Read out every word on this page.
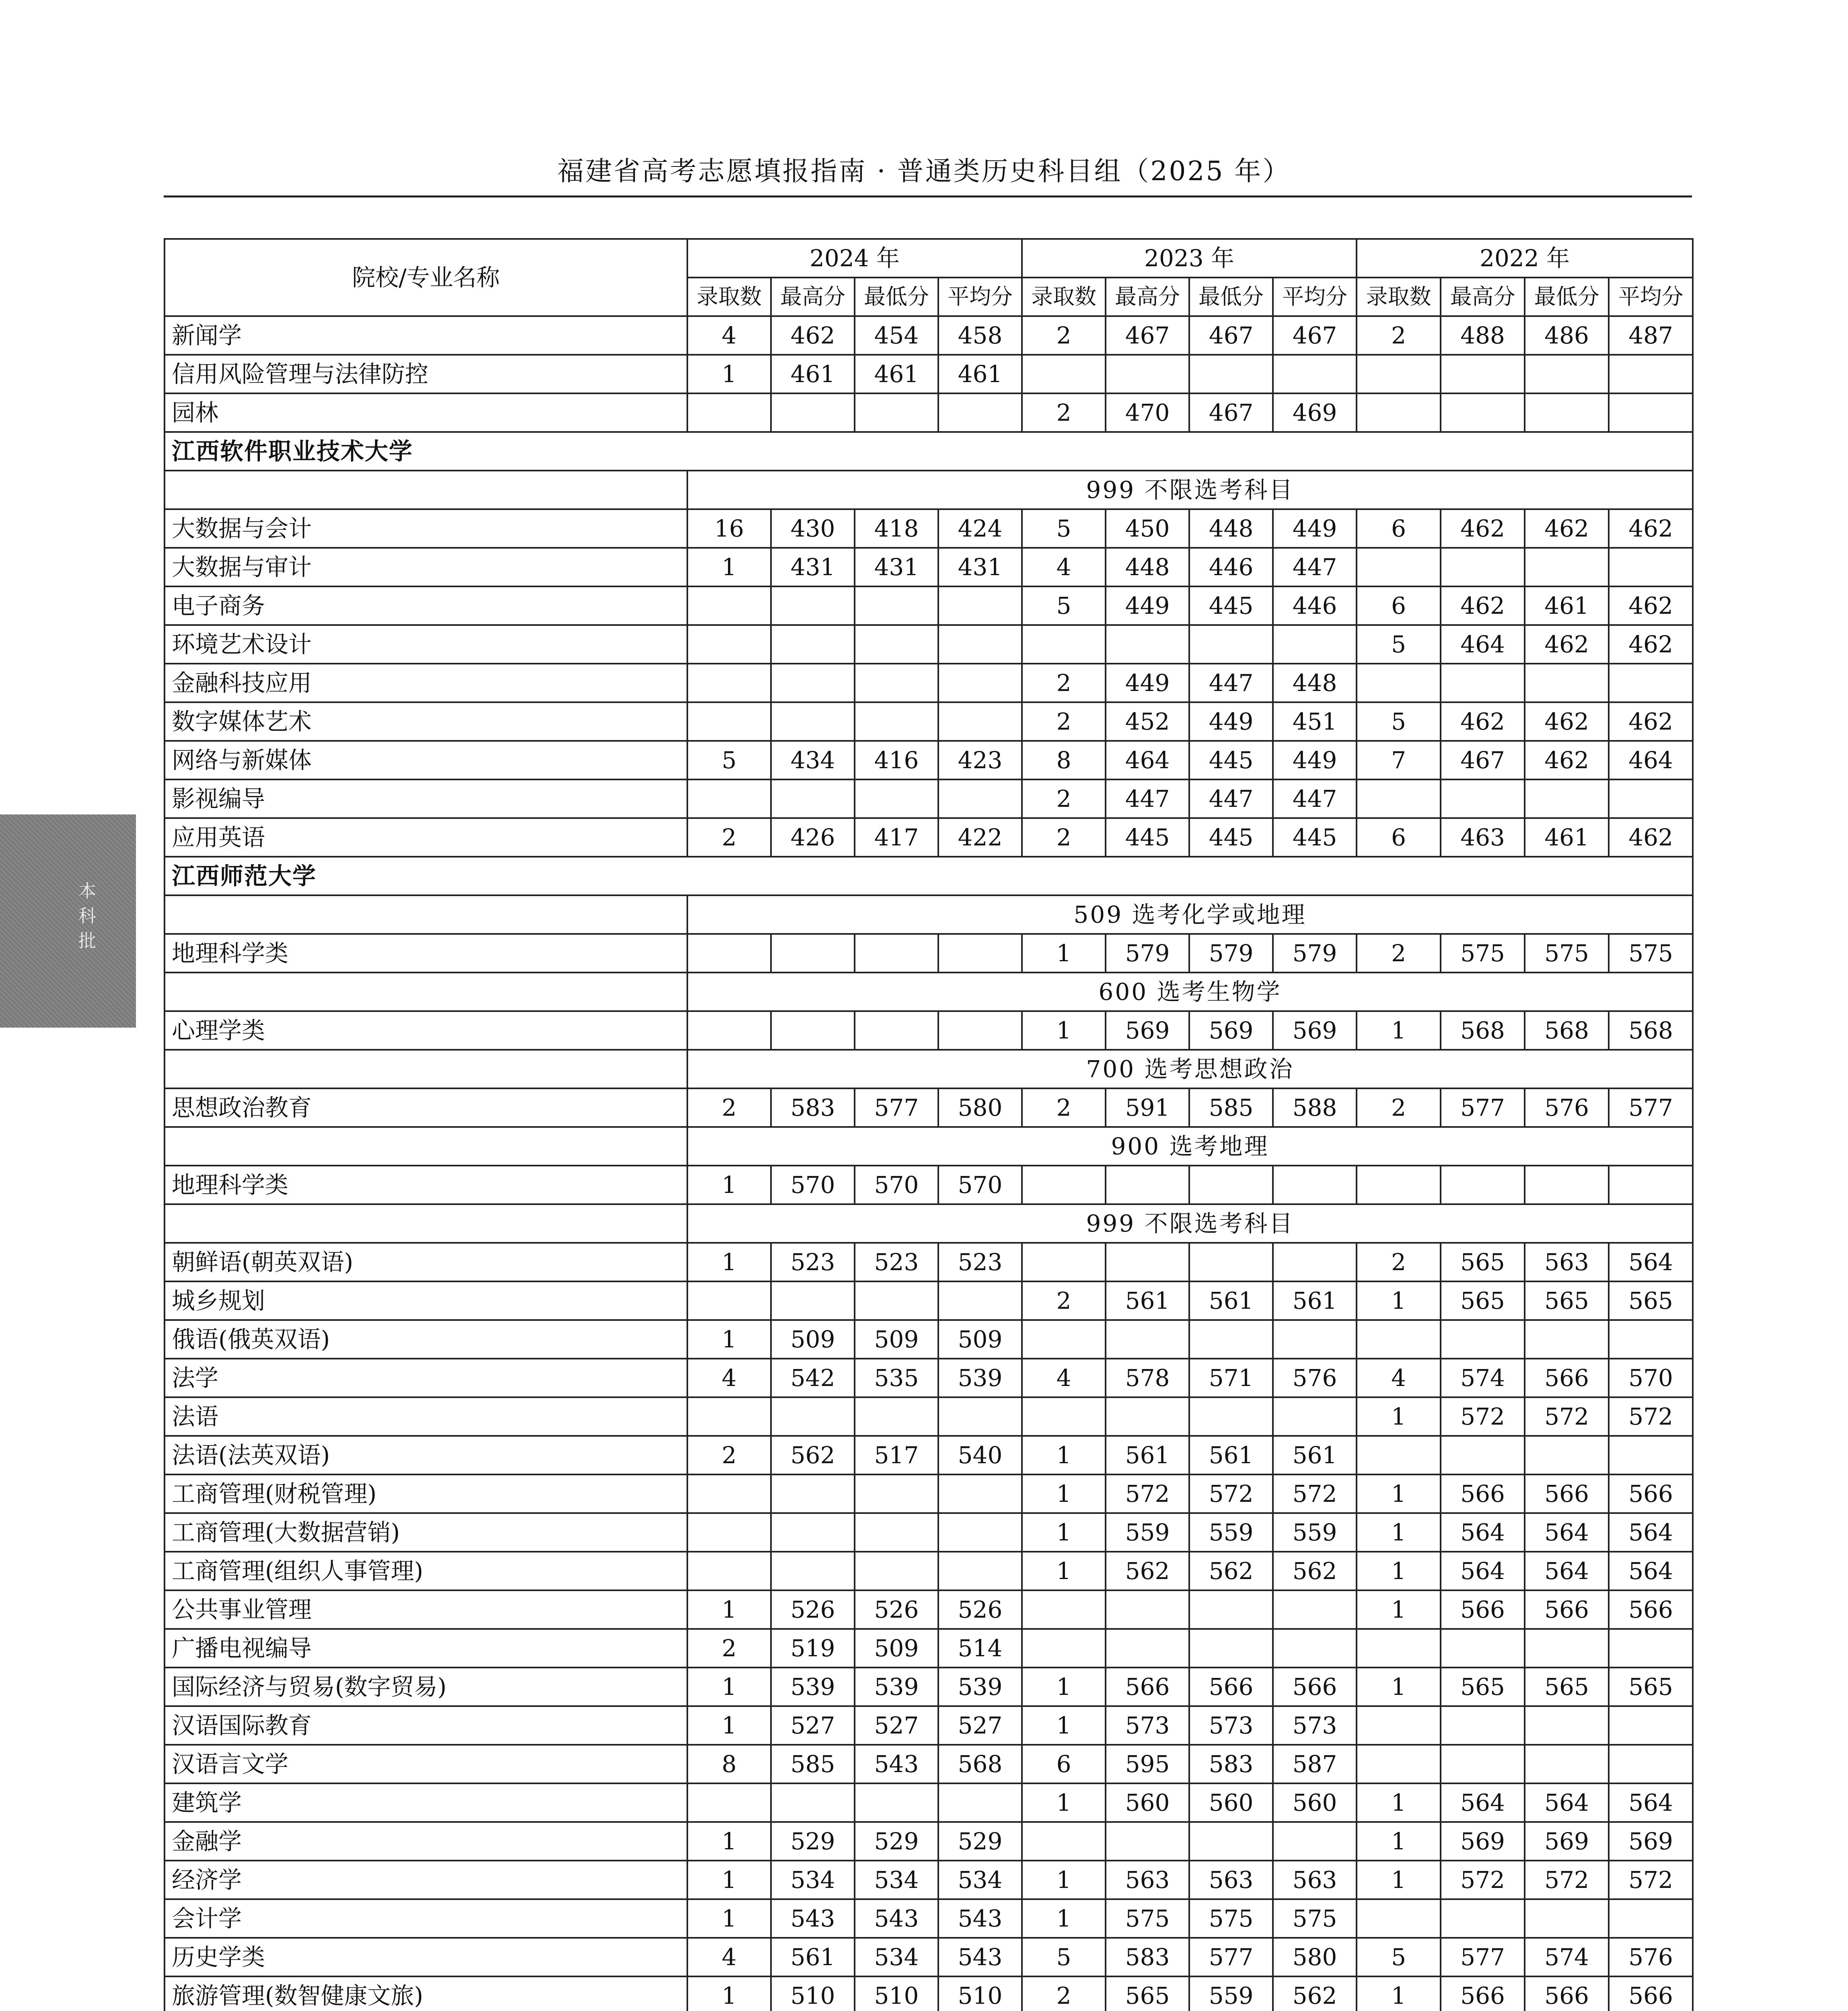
福建省高考志愿填报指南 · 普通类历史科目组（2025 年）
院校/专业名称	2024 年				2023 年				2022 年			
	录取数	最高分	最低分	平均分	录取数	最高分	最低分	平均分	录取数	最高分	最低分	平均分
新闻学	4	462	454	458	2	467	467	467	2	488	486	487
信用风险管理与法律防控	1	461	461	461								
园林					2	470	467	469				
江西软件职业技术大学												
	999 不限选考科目											
大数据与会计	16	430	418	424	5	450	448	449	6	462	462	462
大数据与审计	1	431	431	431	4	448	446	447				
电子商务					5	449	445	446	6	462	461	462
环境艺术设计									5	464	462	462
金融科技应用					2	449	447	448				
数字媒体艺术					2	452	449	451	5	462	462	462
网络与新媒体	5	434	416	423	8	464	445	449	7	467	462	464
影视编导					2	447	447	447				
应用英语	2	426	417	422	2	445	445	445	6	463	461	462
江西师范大学												
	509 选考化学或地理											
地理科学类					1	579	579	579	2	575	575	575
	600 选考生物学											
心理学类					1	569	569	569	1	568	568	568
	700 选考思想政治											
思想政治教育	2	583	577	580	2	591	585	588	2	577	576	577
	900 选考地理											
地理科学类	1	570	570	570								
	999 不限选考科目											
朝鲜语(朝英双语)	1	523	523	523					2	565	563	564
城乡规划					2	561	561	561	1	565	565	565
俄语(俄英双语)	1	509	509	509								
法学	4	542	535	539	4	578	571	576	4	574	566	570
法语									1	572	572	572
法语(法英双语)	2	562	517	540	1	561	561	561				
工商管理(财税管理)					1	572	572	572	1	566	566	566
工商管理(大数据营销)					1	559	559	559	1	564	564	564
工商管理(组织人事管理)					1	562	562	562	1	564	564	564
公共事业管理	1	526	526	526					1	566	566	566
广播电视编导	2	519	509	514								
国际经济与贸易(数字贸易)	1	539	539	539	1	566	566	566	1	565	565	565
汉语国际教育	1	527	527	527	1	573	573	573				
汉语言文学	8	585	543	568	6	595	583	587				
建筑学					1	560	560	560	1	564	564	564
金融学	1	529	529	529					1	569	569	569
经济学	1	534	534	534	1	563	563	563	1	572	572	572
会计学	1	543	543	543	1	575	575	575				
历史学类	4	561	534	543	5	583	577	580	5	577	574	576
旅游管理(数智健康文旅)	1	510	510	510	2	565	559	562	1	566	566	566

本科批
